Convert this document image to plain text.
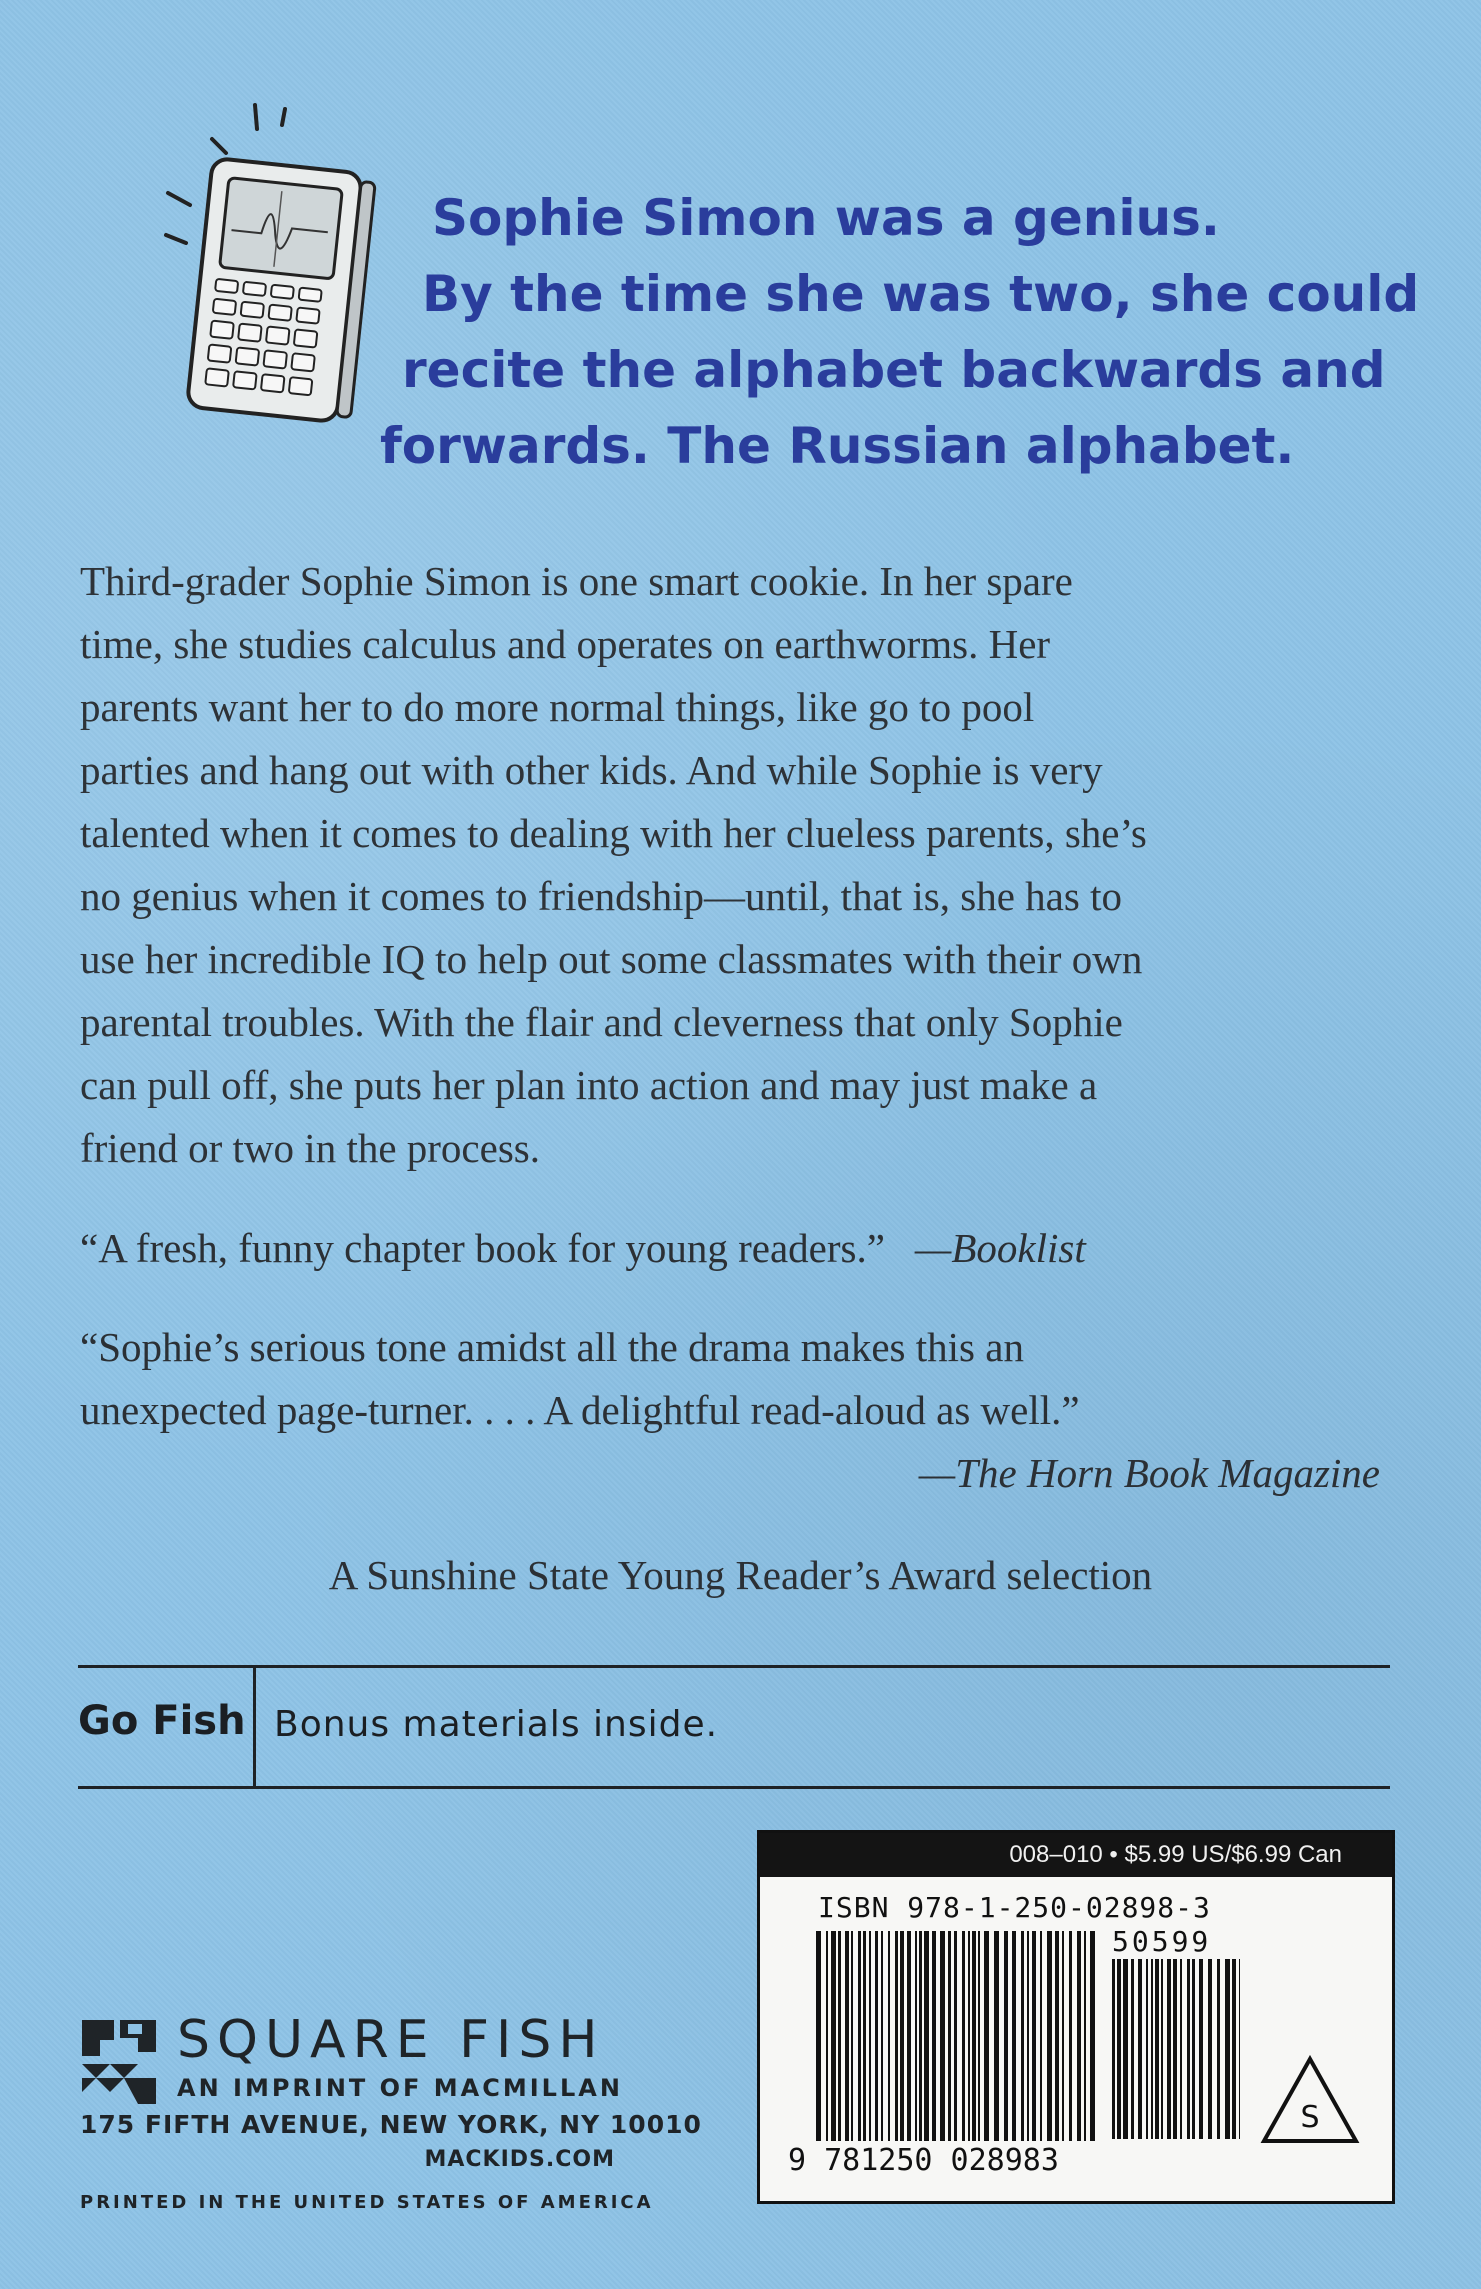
Sophie Simon was a genius.
By the time she was two, she could
recite the alphabet backwards and
forwards. The Russian alphabet.
Third-grader Sophie Simon is one smart cookie. In her spare
time, she studies calculus and operates on earthworms. Her
parents want her to do more normal things, like go to pool
parties and hang out with other kids. And while Sophie is very
talented when it comes to dealing with her clueless parents, she’s
no genius when it comes to friendship—until, that is, she has to
use her incredible IQ to help out some classmates with their own
parental troubles. With the flair and cleverness that only Sophie
can pull off, she puts her plan into action and may just make a
friend or two in the process.
“A fresh, funny chapter book for young readers.” —Booklist
“Sophie’s serious tone amidst all the drama makes this an
unexpected page-turner. . . . A delightful read-aloud as well.”
—The Horn Book Magazine
A Sunshine State Young Reader’s Award selection
Go Fish Bonus materials inside.
SQUARE FISH
AN IMPRINT OF MACMILLAN
175 FIFTH AVENUE, NEW YORK, NY 10010
MACKIDS.COM
PRINTED IN THE UNITED STATES OF AMERICA
008–010 • $5.99 US/$6.99 Can
ISBN 978-1-250-02898-3
50599
9 781250 028983
S
